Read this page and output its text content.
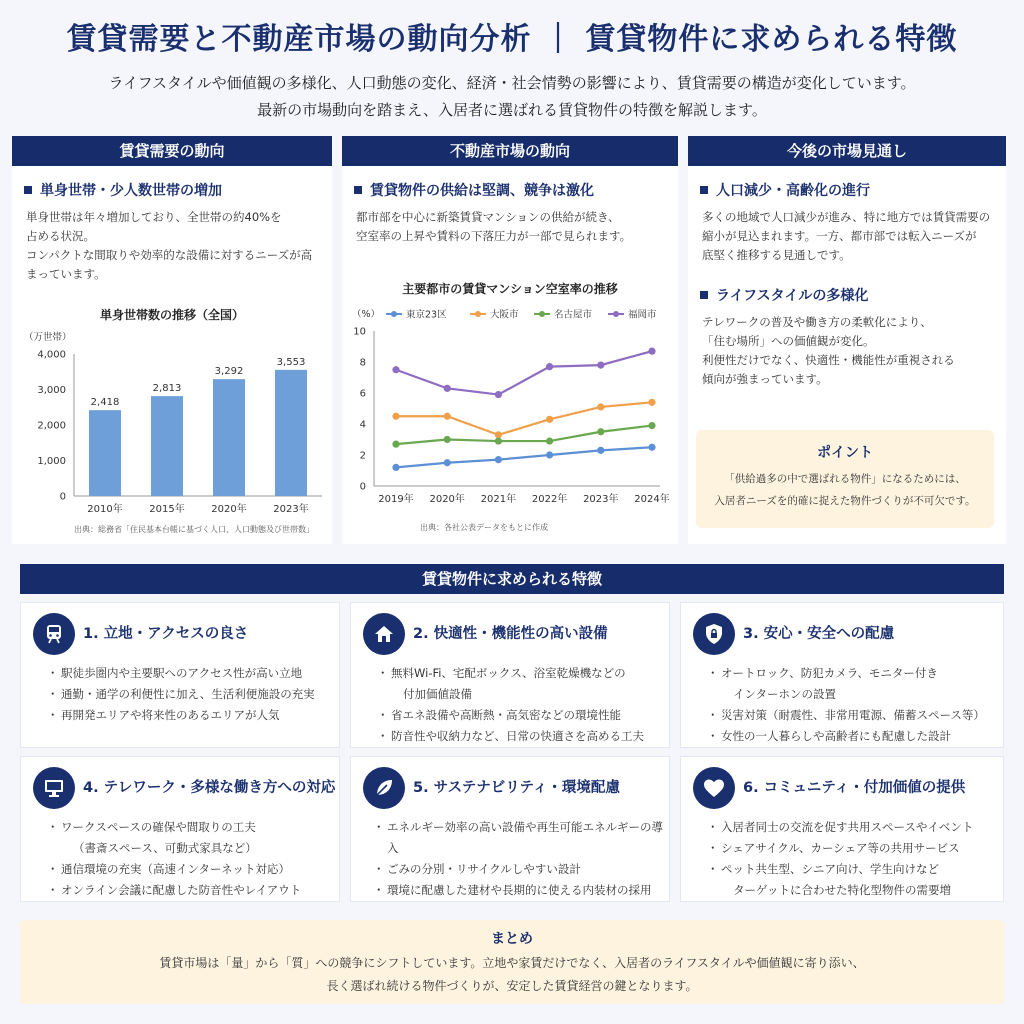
賃貸需要と不動産市場の動向分析 ｜ 賃貸物件に求められる特徴
ライフスタイルや価値観の多様化、人口動態の変化、経済・社会情勢の影響により、賃貸需要の構造が変化しています。
最新の市場動向を踏まえ、入居者に選ばれる賃貸物件の特徴を解説します。
賃貸需要の動向
単身世帯・少人数世帯の増加
単身世帯は年々増加しており、全世帯の約40%を
占める状況。
コンパクトな間取りや効率的な設備に対するニーズが高
まっています。
単身世帯数の推移（全国）
（万世帯）
0
1,000
2,000
3,000
4,000
2,418
2010年
2,813
2015年
3,292
2020年
3,553
2023年
出典：総務省「住民基本台帳に基づく人口、人口動態及び世帯数」
不動産市場の動向
賃貸物件の供給は堅調、競争は激化
都市部を中心に新築賃貸マンションの供給が続き、
空室率の上昇や賃料の下落圧力が一部で見られます。
主要都市の賃貸マンション空室率の推移
（%）	東京23区	大阪市	名古屋市	福岡市
0
2
4
6
8
10
2019年 2020年 2021年 2022年 2023年 2024年
出典：各社公表データをもとに作成
今後の市場見通し
人口減少・高齢化の進行
多くの地域で人口減少が進み、特に地方では賃貸需要の
縮小が見込まれます。一方、都市部では転入ニーズが
底堅く推移する見通しです。
ライフスタイルの多様化
テレワークの普及や働き方の柔軟化により、
「住む場所」への価値観が変化。
利便性だけでなく、快適性・機能性が重視される
傾向が強まっています。
ポイント
「供給過多の中で選ばれる物件」になるためには、
入居者ニーズを的確に捉えた物件づくりが不可欠です。
賃貸物件に求められる特徴
1. 立地・アクセスの良さ
・ 駅徒歩圏内や主要駅へのアクセス性が高い立地
・ 通勤・通学の利便性に加え、生活利便施設の充実
・ 再開発エリアや将来性のあるエリアが人気
2. 快適性・機能性の高い設備
・ 無料Wi-Fi、宅配ボックス、浴室乾燥機などの
付加価値設備
・ 省エネ設備や高断熱・高気密などの環境性能
・ 防音性や収納力など、日常の快適さを高める工夫
3. 安心・安全への配慮
・ オートロック、防犯カメラ、モニター付き
インターホンの設置
・ 災害対策（耐震性、非常用電源、備蓄スペース等）
・ 女性の一人暮らしや高齢者にも配慮した設計
4. テレワーク・多様な働き方への対応
・ ワークスペースの確保や間取りの工夫
（書斎スペース、可動式家具など）
・ 通信環境の充実（高速インターネット対応）
・ オンライン会議に配慮した防音性やレイアウト
5. サステナビリティ・環境配慮
・ エネルギー効率の高い設備や再生可能エネルギーの導入
・ ごみの分別・リサイクルしやすい設計
・ 環境に配慮した建材や長期的に使える内装材の採用
6. コミュニティ・付加価値の提供
・ 入居者同士の交流を促す共用スペースやイベント
・ シェアサイクル、カーシェア等の共用サービス
・ ペット共生型、シニア向け、学生向けなど
ターゲットに合わせた特化型物件の需要増
まとめ

賃貸市場は「量」から「質」への競争にシフトしています。立地や家賃だけでなく、入居者のライフスタイルや価値観に寄り添い、
長く選ばれ続ける物件づくりが、安定した賃貸経営の鍵となります。
